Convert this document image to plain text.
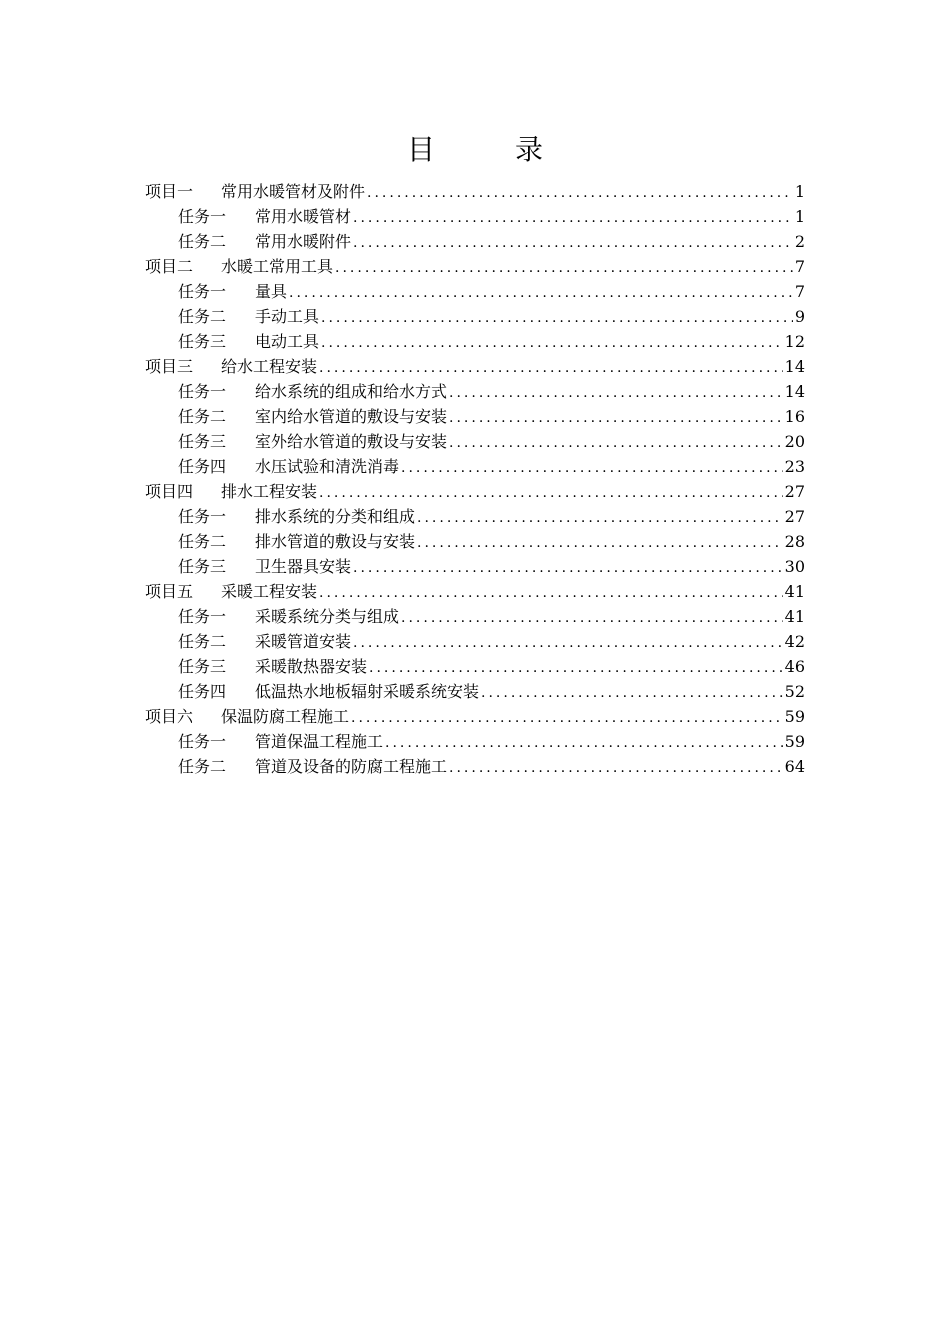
目　录
项目一	常用水暖管材及附件 .....	1
任务一	常用水暖管材 .....	1
任务二	常用水暖附件 .....	2
项目二	水暖工常用工具 .....	7
任务一	量具 .....	7
任务二	手动工具 .....	9
任务三	电动工具 .....	12
项目三	给水工程安装 .....	14
任务一	给水系统的组成和给水方式 .....	14
任务二	室内给水管道的敷设与安装 .....	16
任务三	室外给水管道的敷设与安装 .....	20
任务四	水压试验和清洗消毒 .....	23
项目四	排水工程安装 .....	27
任务一	排水系统的分类和组成 .....	27
任务二	排水管道的敷设与安装 .....	28
任务三	卫生器具安装 .....	30
项目五	采暖工程安装 .....	41
任务一	采暖系统分类与组成 .....	41
任务二	采暖管道安装 .....	42
任务三	采暖散热器安装 .....	46
任务四	低温热水地板辐射采暖系统安装 .....	52
项目六	保温防腐工程施工 .....	59
任务一	管道保温工程施工 .....	59
任务二	管道及设备的防腐工程施工 .....	64
